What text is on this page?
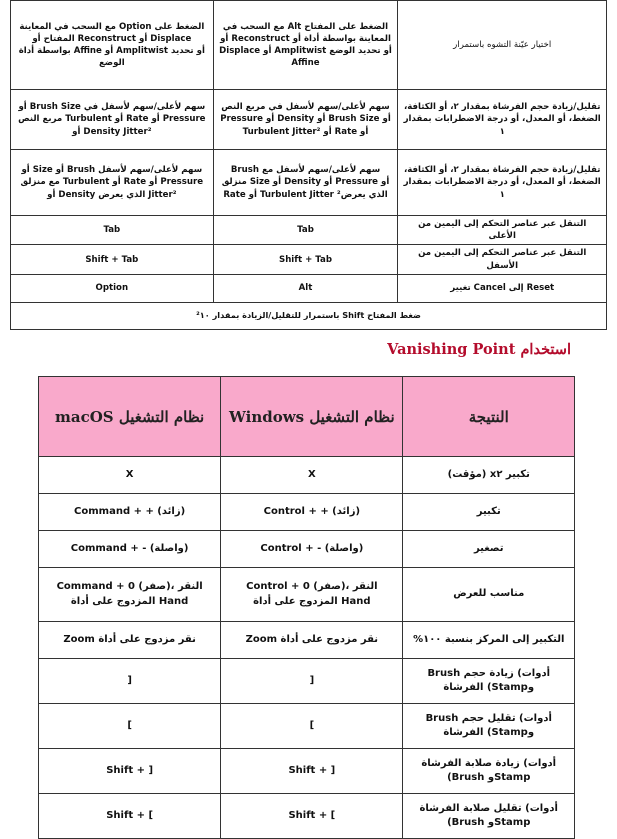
مع السحب في المعاينة Option الضغط على المفتاح أو Reconstruct أو Displace بواسطة أداة Affine أو Amplitwist أو تحديد الوضع	مع السحب في Alt الضغط على المفتاح أو Reconstruct المعاينة بواسطة أداة أو Displace أو Amplitwist أو تحديد الوضع Affine	اختيار عيّنة التشوه باستمرار
أو Brush Size سهم لأعلى/سهم لأسفل في مربع النص Turbulent أو Rate أو Pressure أو Density Jitter²	سهم لأعلى/سهم لأسفل في مربع النص Pressure أو Density أو Brush Size أو Turbulent Jitter² أو Rate أو	تقليل/زيادة حجم الفرشاة بمقدار ٢، أو الكثافة، الضغط، أو المعدل، أو درجة الاضطرابات بمقدار ١
أو Size أو Brush سهم لأعلى/سهم لأسفل مع منزلق Turbulent أو Rate أو Pressure أو Density الذي يعرض Jitter²	Brush سهم لأعلى/سهم لأسفل مع منزلق Size أو Density أو Pressure أو Rate أو Turbulent Jitter الذي يعرض²	تقليل/زيادة حجم الفرشاة بمقدار ٢، أو الكثافة، الضغط، أو المعدل، أو درجة الاضطرابات بمقدار ١
Tab	Tab	التنقل عبر عناصر التحكم إلى اليمين من الأعلى
Shift + Tab	Shift + Tab	التنقل عبر عناصر التحكم إلى اليمين من الأسفل
Option	Alt	تغيير Cancel إلى Reset
²باستمرار للتقليل/الزيادة بمقدار ١٠ Shift ضغط المفتاح		
استخدام Vanishing Point
macOS نظام التشغيل	Windows نظام التشغيل	النتيجة
X	X	(مؤقت) xتكبير ٢
Command + + (زائد)	Control + + (زائد)	تكبير
Command + - (واصلة)	Control + - (واصلة)	تصغير
Command + 0 (صفر)، النقر المزدوج على أداة Hand	Control + 0 (صفر)، النقر المزدوج على أداة Hand	مناسب للعرض
Zoom نقر مزدوج على أداة	Zoom نقر مزدوج على أداة	%التكبير إلى المركز بنسبة ١٠٠
]	]	Brush أدوات) زيادة حجم الفرشاة (Stampو
[	[	Brush أدوات) تقليل حجم الفرشاة (Stampو
Shift + ]	Shift + ]	أدوات) زيادة صلابة الفرشاة (Brush وStamp
Shift + [	Shift + [	أدوات) تقليل صلابة الفرشاة (Brush وStamp
